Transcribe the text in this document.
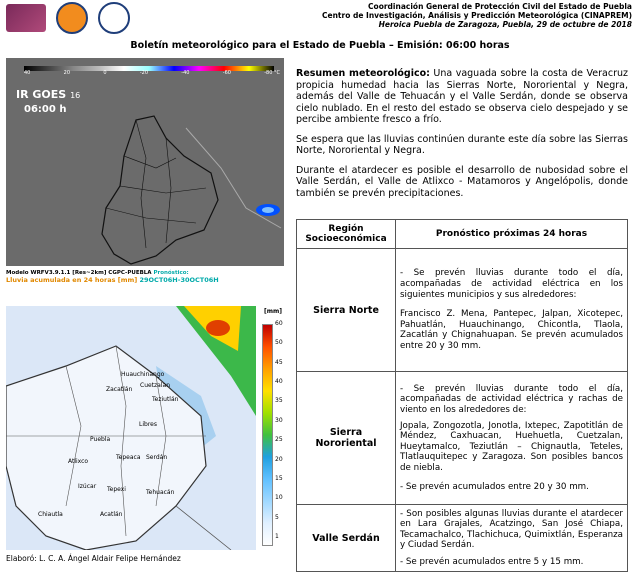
Coordinación General de Protección Civil del Estado de Puebla
Centro de Investigación, Análisis y Predicción Meteorológica (CINAPREM)
Heroica Puebla de Zaragoza, Puebla, 29 de octubre de 2018
Boletín meteorológico para el Estado de Puebla – Emisión: 06:00 horas
40	20	0	-20	-40	-60	-80 °C
IR GOES 16
06:00 h
Modelo WRFV3.9.1.1 [Res~2km] CGPC-PUEBLA Pronóstico:
Lluvia acumulada en 24 horas [mm] 29OCT06H-30OCT06H
Huauchinango
Zacatlán
Cuetzalan
Teziutlán
Libres
Puebla
Atlixco
Tepeaca Serdán
Izúcar Tepexi	Tehuacán
Chiautla	Acatlán
[mm]
60
50
45
40
35
30
25
20
15
10
5
1
Elaboró: L. C. A. Ángel Aldair Felipe Hernández

Resumen meteorológico: Una vaguada sobre la costa de Veracruz propicia humedad hacia las Sierras Norte, Nororiental y Negra, además del Valle de Tehuacán y el Valle Serdán, donde se observa cielo nublado. En el resto del estado se observa cielo despejado y se percibe ambiente fresco a frío.

Se espera que las lluvias continúen durante este día sobre las Sierras Norte, Nororiental y Negra.

Durante el atardecer es posible el desarrollo de nubosidad sobre el Valle Serdán, el Valle de Atlixco - Matamoros y Angelópolis, donde también se prevén precipitaciones.

Región Socioeconómica	Pronóstico próximas 24 horas
Sierra Norte	- Se prevén lluvias durante todo el día, acompañadas de actividad eléctrica en los siguientes municipios y sus alrededores:

Francisco Z. Mena, Pantepec, Jalpan, Xicotepec, Pahuatlán, Huauchinango, Chicontla, Tlaola, Zacatlán y Chignahuapan. Se prevén acumulados entre 20 y 30 mm.

Sierra Nororiental	- Se prevén lluvias durante todo el día, acompañadas de actividad eléctrica y rachas de viento en los alrededores de:

Jopala, Zongozotla, Jonotla, Ixtepec, Zapotitlán de Méndez, Caxhuacan, Huehuetla, Cuetzalan, Hueytamalco, Teziutlán – Chignautla, Teteles, Tlatlauquitepec y Zaragoza. Son posibles bancos de niebla.

- Se prevén acumulados entre 20 y 30 mm.

Valle Serdán	- Son posibles algunas lluvias durante el atardecer en Lara Grajales, Acatzingo, San José Chiapa, Tecamachalco, Tlachichuca, Quimixtlán, Esperanza y Ciudad Serdán.

- Se prevén acumulados entre 5 y 15 mm.
